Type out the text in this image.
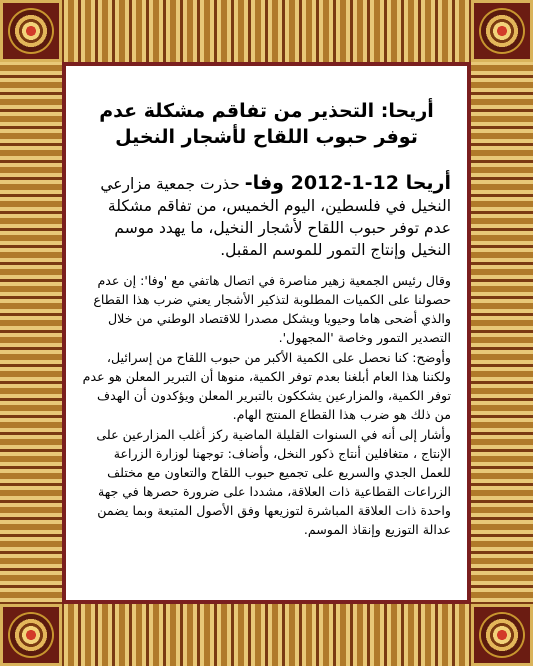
أريحا: التحذير من تفاقم مشكلة عدم توفر حبوب اللقاح لأشجار النخيل

أريحا 12-1-2012 وفا- حذرت جمعية مزارعي النخيل في فلسطين، اليوم الخميس، من تفاقم مشكلة عدم توفر حبوب اللقاح لأشجار النخيل، ما يهدد موسم النخيل وإنتاج التمور للموسم المقبل.

وقال رئيس الجمعية زهير مناصرة في اتصال هاتفي مع 'وفا': إن عدم حصولنا على الكميات المطلوبة لتذكير الأشجار يعني ضرب هذا القطاع والذي أضحى هاما وحيويا ويشكل مصدرا للاقتصاد الوطني من خلال التصدير التمور وخاصة 'المجهول'.

وأوضح: كنا نحصل على الكمية الأكبر من حبوب اللقاح من إسرائيل، ولكننا هذا العام أبلغنا بعدم توفر الكمية، منوها أن التبرير المعلن هو عدم توفر الكمية، والمزارعين يشككون بالتبرير المعلن ويؤكدون أن الهدف من ذلك هو ضرب هذا القطاع المنتج الهام.

وأشار إلى أنه في السنوات القليلة الماضية ركز أغلب المزارعين على الإنتاج ، متغافلين أنتاج ذكور النخل، وأضاف: توجهنا لوزارة الزراعة للعمل الجدي والسريع على تجميع حبوب اللقاح والتعاون مع مختلف الزراعات القطاعية ذات العلاقة، مشددا على ضرورة حصرها في جهة واحدة ذات العلاقة المباشرة لتوزيعها وفق الأصول المتبعة وبما يضمن عدالة التوزيع وإنقاذ الموسم.
